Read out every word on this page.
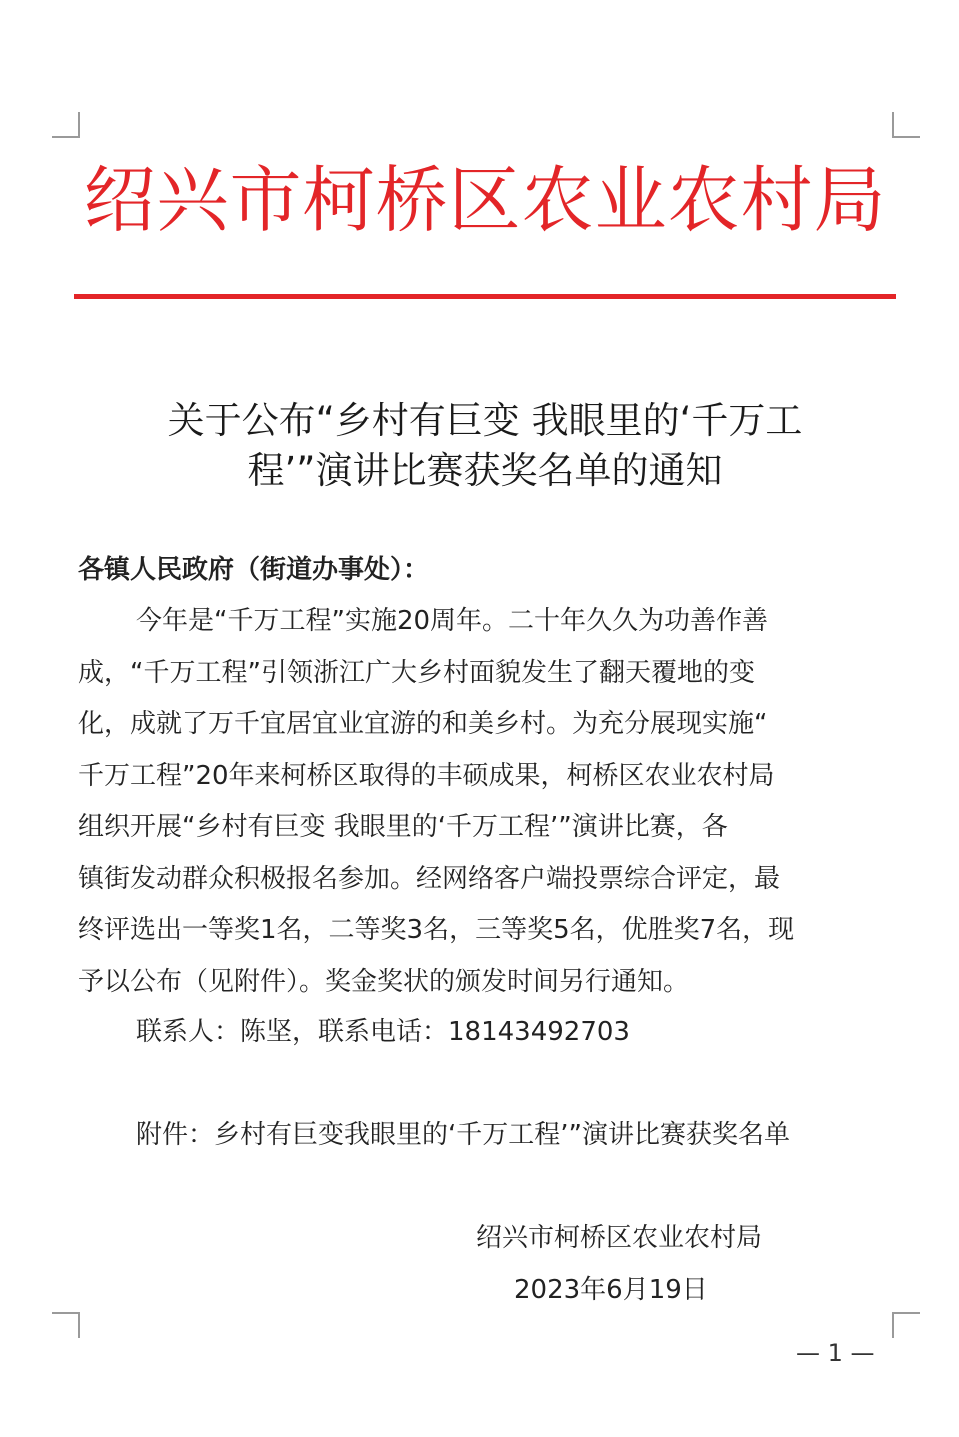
绍兴市柯桥区农业农村局
关于公布“乡村有巨变 我眼里的‘千万工
程’”演讲比赛获奖名单的通知
各镇人民政府（街道办事处）：
今年是“千万工程”实施20周年。二十年久久为功善作善
成，“千万工程”引领浙江广大乡村面貌发生了翻天覆地的变
化，成就了万千宜居宜业宜游的和美乡村。为充分展现实施“
千万工程”20年来柯桥区取得的丰硕成果，柯桥区农业农村局
组织开展“乡村有巨变 我眼里的‘千万工程’”演讲比赛，各
镇街发动群众积极报名参加。经网络客户端投票综合评定，最
终评选出一等奖1名，二等奖3名，三等奖5名，优胜奖7名，现
予以公布（见附件）。奖金奖状的颁发时间另行通知。
联系人：陈坚，联系电话：18143492703
附件：乡村有巨变我眼里的‘千万工程’”演讲比赛获奖名单
绍兴市柯桥区农业农村局
2023年6月19日
— 1 —
